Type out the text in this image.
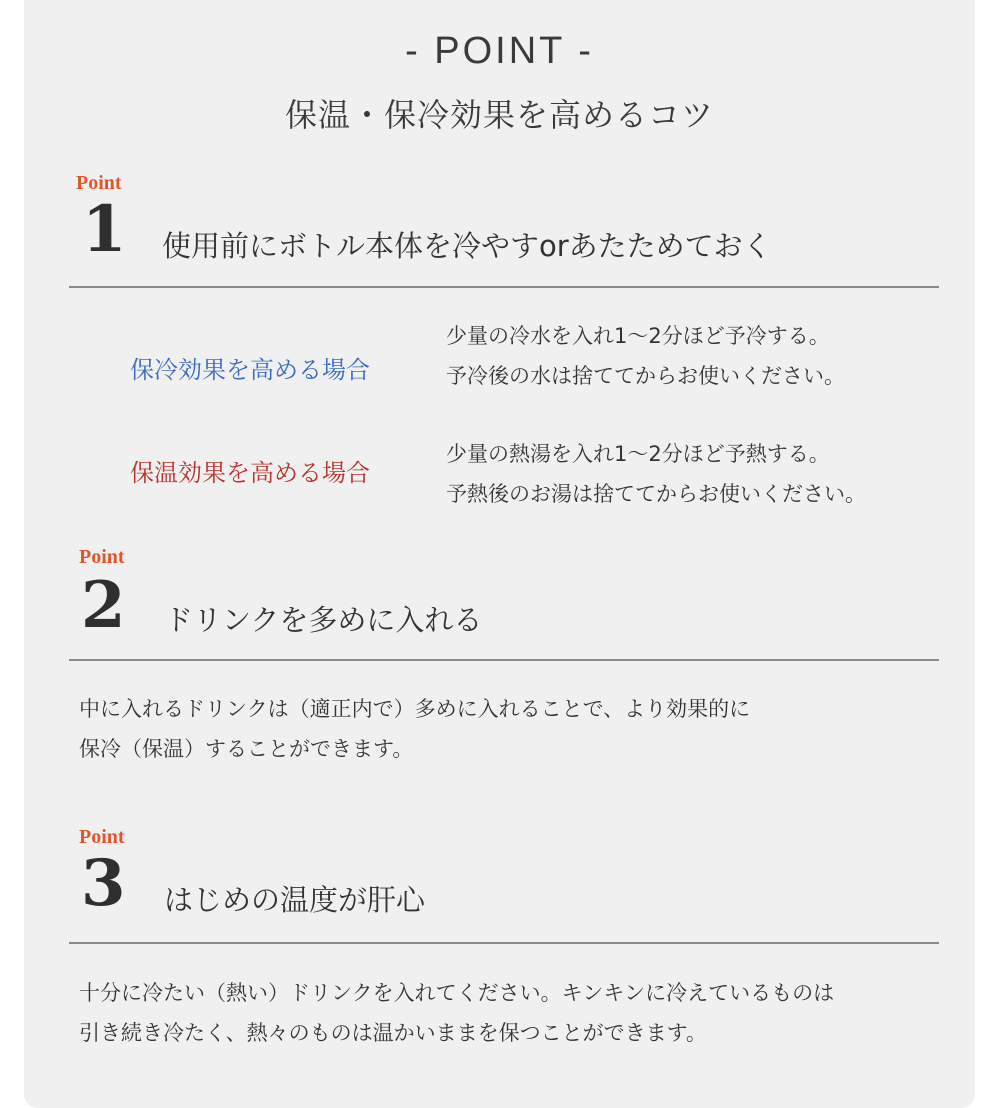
- POINT -
保温・保冷効果を高めるコツ
Point
1 使用前にボトル本体を冷やすorあたためておく
保冷効果を高める場合
少量の冷水を入れ1〜2分ほど予冷する。
予冷後の水は捨ててからお使いください。
保温効果を高める場合
少量の熱湯を入れ1〜2分ほど予熱する。
予熱後のお湯は捨ててからお使いください。
Point
2 ドリンクを多めに入れる
中に入れるドリンクは（適正内で）多めに入れることで、より効果的に
保冷（保温）することができます。
Point
3 はじめの温度が肝心
十分に冷たい（熱い）ドリンクを入れてください。キンキンに冷えているものは
引き続き冷たく、熱々のものは温かいままを保つことができます。
